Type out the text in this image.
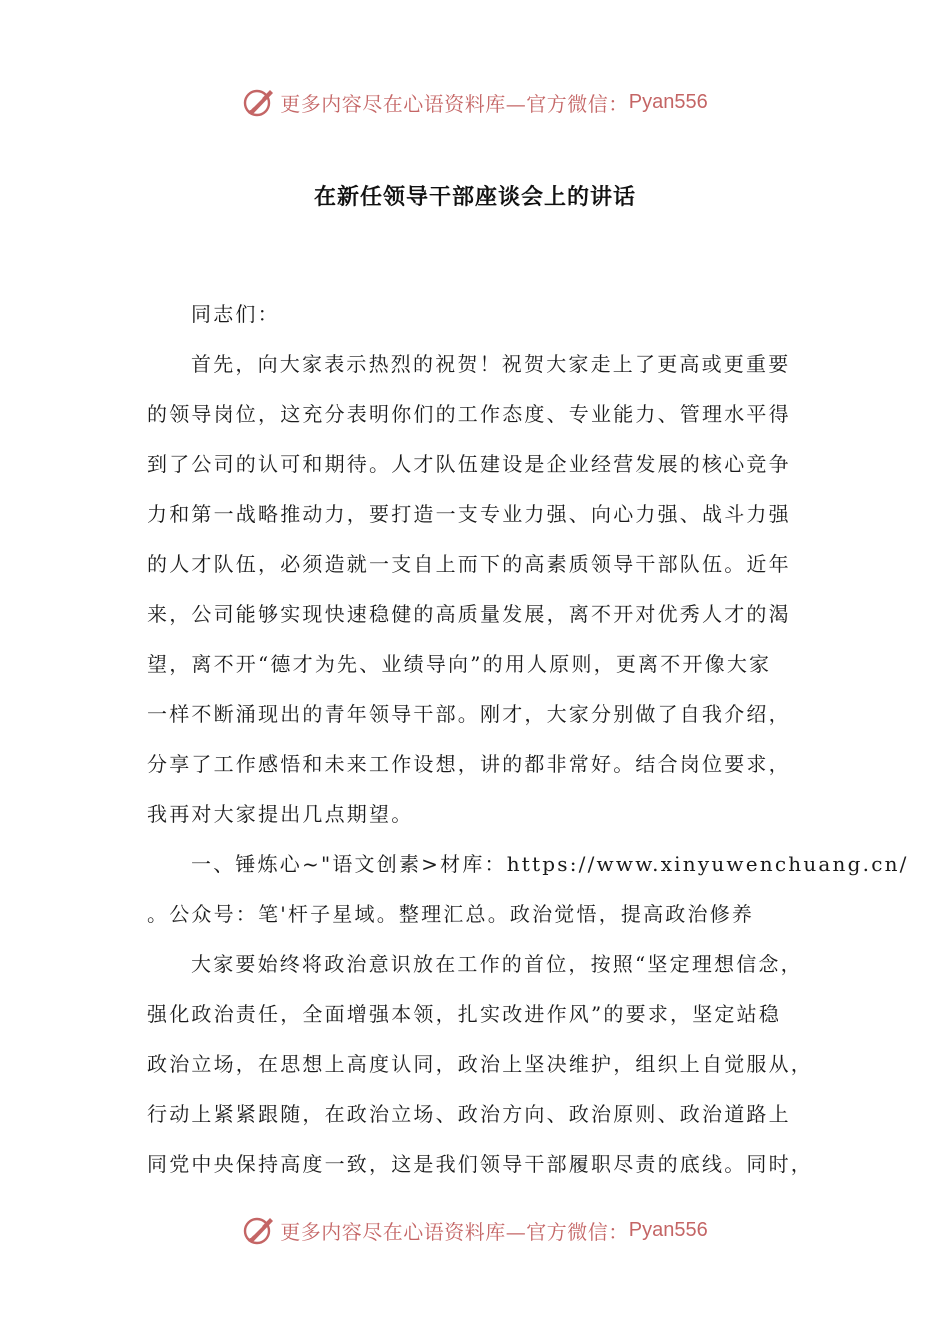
更多内容尽在心语资料库—官方微信： Pyan556
在新任领导干部座谈会上的讲话
同志们：
首先，向大家表示热烈的祝贺！祝贺大家走上了更高或更重要
的领导岗位，这充分表明你们的工作态度、专业能力、管理水平得
到了公司的认可和期待。人才队伍建设是企业经营发展的核心竞争
力和第一战略推动力，要打造一支专业力强、向心力强、战斗力强
的人才队伍，必须造就一支自上而下的高素质领导干部队伍。近年
来，公司能够实现快速稳健的高质量发展，离不开对优秀人才的渴
望，离不开“德才为先、业绩导向”的用人原则，更离不开像大家
一样不断涌现出的青年领导干部。刚才，大家分别做了自我介绍，
分享了工作感悟和未来工作设想，讲的都非常好。结合岗位要求，
我再对大家提出几点期望。
一、锤炼心~"语文创素>材库：https://www.xinyuwenchuang.cn/
。公众号：笔'杆子星域。整理汇总。政治觉悟，提高政治修养
大家要始终将政治意识放在工作的首位，按照“坚定理想信念，
强化政治责任，全面增强本领，扎实改进作风”的要求，坚定站稳
政治立场，在思想上高度认同，政治上坚决维护，组织上自觉服从，
行动上紧紧跟随，在政治立场、政治方向、政治原则、政治道路上
同党中央保持高度一致，这是我们领导干部履职尽责的底线。同时，
更多内容尽在心语资料库—官方微信： Pyan556
